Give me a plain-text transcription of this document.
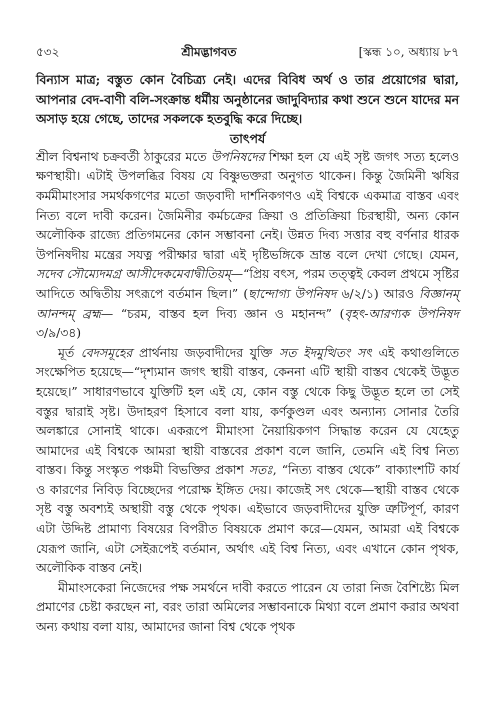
৫৩২	শ্রীমদ্ভাগবত	[স্কন্ধ ১০, অধ্যায় ৮৭

বিন্যাস মাত্র; বস্তুত কোন বৈচিত্র্য নেই। এদের বিবিধ অর্থ ও তার প্রয়োগের দ্বারা, আপনার বেদ-বাণী বলি-সংক্রান্ত ধর্মীয় অনুষ্ঠানের জাদুবিদ্যার কথা শুনে শুনে যাদের মন অসাড় হয়ে গেছে, তাদের সকলকে হতবুদ্ধি করে দিচ্ছে।

তাৎপর্য

শ্রীল বিশ্বনাথ চক্রবর্তী ঠাকুরের মতে উপনিষদের শিক্ষা হল যে এই সৃষ্ট জগৎ সত্য হলেও ক্ষণস্থায়ী। এটাই উপলব্ধির বিষয় যে বিষ্ণুভক্তরা অনুগত থাকেন। কিন্তু জৈমিনী ঋষির কর্মমীমাংসার সমর্থকগণের মতো জড়বাদী দার্শনিকগণও এই বিশ্বকে একমাত্র বাস্তব এবং নিত্য বলে দাবী করেন। জৈমিনীর কর্মচক্রের ক্রিয়া ও প্রতিক্রিয়া চিরস্থায়ী, অন্য কোন অলৌকিক রাজ্যে প্রতিগমনের কোন সম্ভাবনা নেই। উন্নত দিব্য সত্তার বহু বর্ণনার ধারক উপনিষদীয় মন্ত্রের সযত্ন পরীক্ষার দ্বারা এই দৃষ্টিভঙ্গিকে ভ্রান্ত বলে দেখা গেছে। যেমন, সদেব সৌম্যেদমগ্র আসীদেকমেবাদ্বীতিয়ম্—“প্রিয় বৎস, পরম তত্ত্বই কেবল প্রথমে সৃষ্টির আদিতে অদ্বিতীয় সৎরূপে বর্তমান ছিল।” (ছান্দোগ্য উপনিষদ ৬/২/১) আরও বিজ্ঞানম্ আনন্দম্ ব্রহ্ম— “চরম, বাস্তব হল দিব্য জ্ঞান ও মহানন্দ” (বৃহৎ-আরণ্যক উপনিষদ ৩/৯/৩৪)

মূর্ত বেদসমূহের প্রার্থনায় জড়বাদীদের যুক্তি সত ইদমুত্থিতং সৎ এই কথাগুলিতে সংক্ষেপিত হয়েছে—“দৃশ্যমান জগৎ স্থায়ী বাস্তব, কেননা এটি স্থায়ী বাস্তব থেকেই উদ্ভূত হয়েছে।” সাধারণভাবে যুক্তিটি হল এই যে, কোন বস্তু থেকে কিছু উদ্ভূত হলে তা সেই বস্তুর দ্বারাই সৃষ্ট। উদাহরণ হিসাবে বলা যায়, কর্ণকুণ্ডল এবং অন্যান্য সোনার তৈরি অলঙ্কারে সোনাই থাকে। একরূপে মীমাংসা নৈয়ায়িকগণ সিদ্ধান্ত করেন যে যেহেতু আমাদের এই বিশ্বকে আমরা স্থায়ী বাস্তবের প্রকাশ বলে জানি, তেমনি এই বিশ্ব নিত্য বাস্তব। কিন্তু সংস্কৃত পঞ্চমী বিভক্তির প্রকাশ সতঃ, “নিত্য বাস্তব থেকে” বাক্যাংশটি কার্য ও কারণের নিবিড় বিচ্ছেদের পরোক্ষ ইঙ্গিত দেয়। কাজেই সৎ থেকে—স্থায়ী বাস্তব থেকে সৃষ্ট বস্তু অবশ্যই অস্থায়ী বস্তু থেকে পৃথক। এইভাবে জড়বাদীদের যুক্তি ত্রুটিপূর্ণ, কারণ এটা উদ্দিষ্ট প্রামাণ্য বিষয়ের বিপরীত বিষয়কে প্রমাণ করে—যেমন, আমরা এই বিশ্বকে যেরূপ জানি, এটা সেইরূপেই বর্তমান, অর্থাৎ এই বিশ্ব নিত্য, এবং এখানে কোন পৃথক, অলৌকিক বাস্তব নেই।

মীমাংসকেরা নিজেদের পক্ষ সমর্থনে দাবী করতে পারেন যে তারা নিজ বৈশিষ্ট্যে মিল প্রমাণের চেষ্টা করছেন না, বরং তারা অমিলের সম্ভাবনাকে মিথ্যা বলে প্রমাণ করার অথবা অন্য কথায় বলা যায়, আমাদের জানা বিশ্ব থেকে পৃথক
